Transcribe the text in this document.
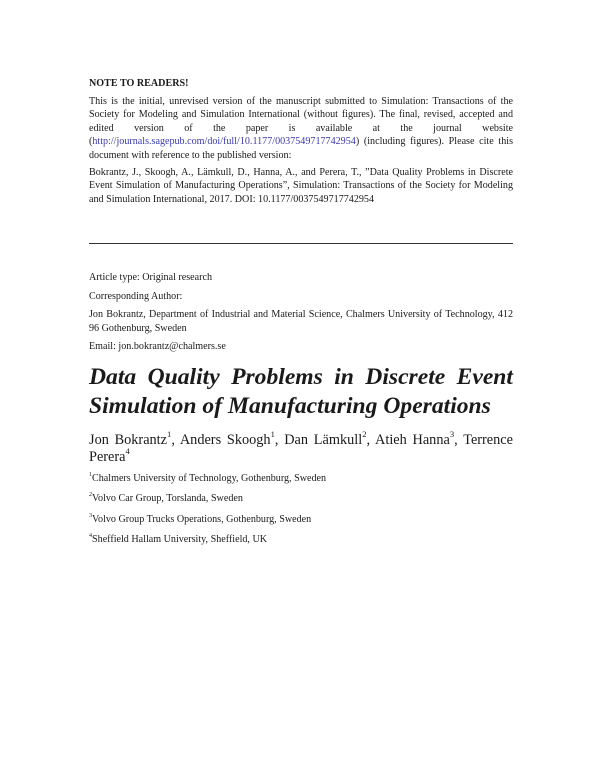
NOTE TO READERS!

This is the initial, unrevised version of the manuscript submitted to Simulation: Transactions of the Society for Modeling and Simulation International (without figures). The final, revised, accepted and edited version of the paper is available at the journal website (http://journals.sagepub.com/doi/full/10.1177/0037549717742954) (including figures). Please cite this document with reference to the published version:

Bokrantz, J., Skoogh, A., Lämkull, D., Hanna, A., and Perera, T., ”Data Quality Problems in Discrete Event Simulation of Manufacturing Operations”, Simulation: Transactions of the Society for Modeling and Simulation International, 2017. DOI: 10.1177/0037549717742954

Article type: Original research

Corresponding Author:

Jon Bokrantz, Department of Industrial and Material Science, Chalmers University of Technology, 412 96 Gothenburg, Sweden

Email: jon.bokrantz@chalmers.se

Data Quality Problems in Discrete Event Simulation of Manufacturing Operations

Jon Bokrantz$^1$, Anders Skoogh$^1$, Dan Lämkull$^2$, Atieh Hanna$^3$, Terrence Perera$^4$

$^1$Chalmers University of Technology, Gothenburg, Sweden

$^2$Volvo Car Group, Torslanda, Sweden

$^3$Volvo Group Trucks Operations, Gothenburg, Sweden

$^4$Sheffield Hallam University, Sheffield, UK
